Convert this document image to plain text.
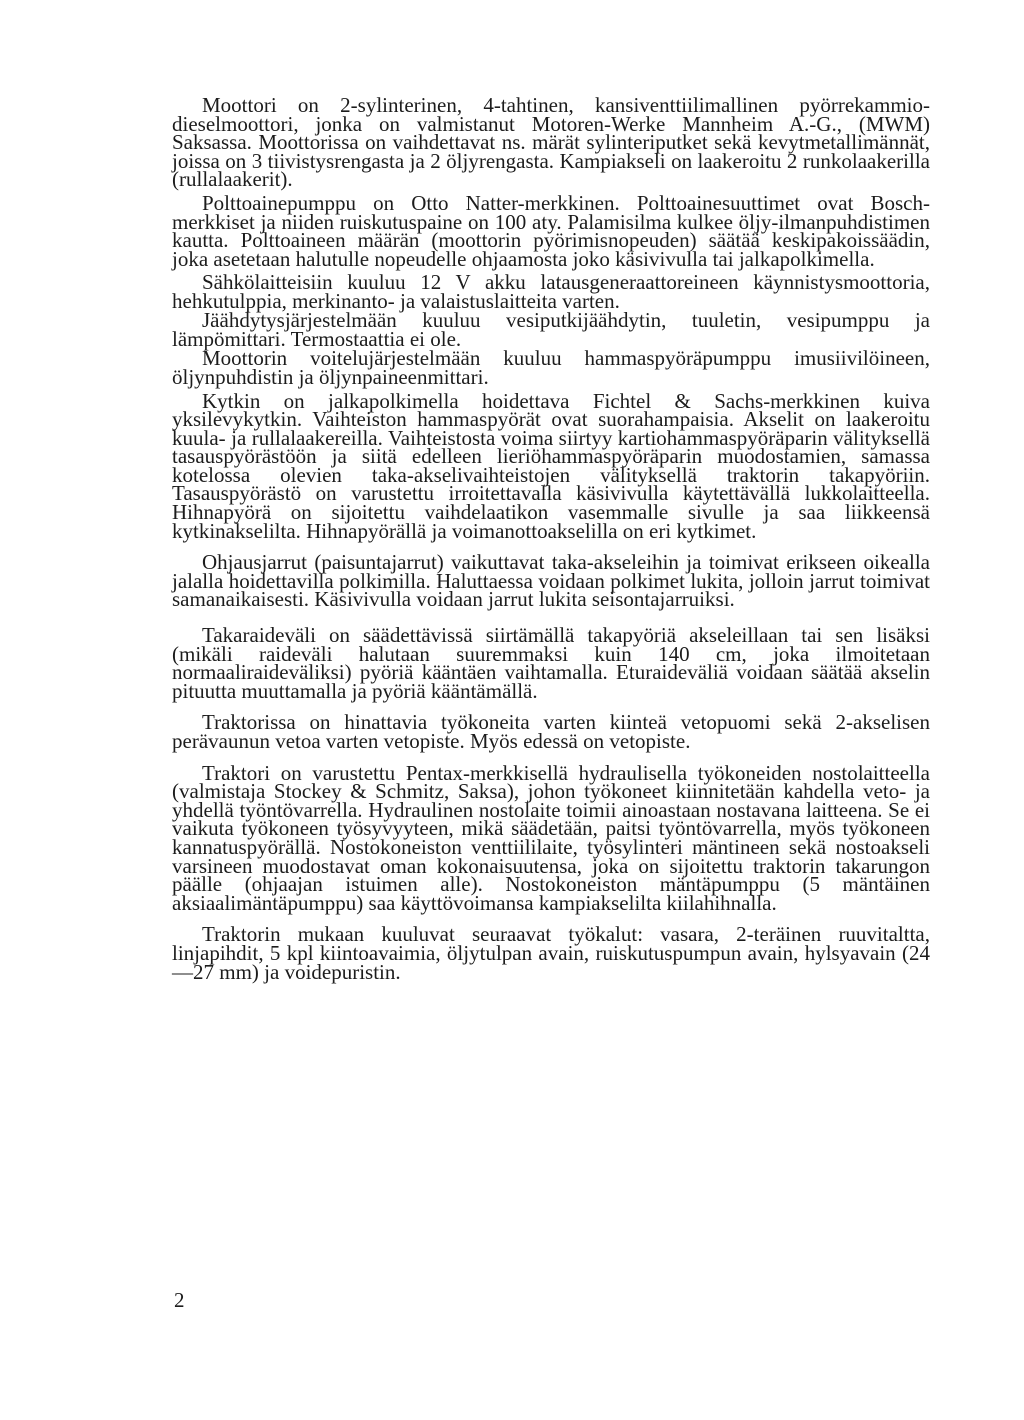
Moottori on 2-sylinterinen, 4-tahtinen, kansiventtiilimallinen pyörrekammio-dieselmoottori, jonka on valmistanut Motoren-Werke Mannheim A.-G., (MWM) Saksassa. Moottorissa on vaihdettavat ns. märät sylinteriputket sekä kevytmetallimännät, joissa on 3 tiivistysrengasta ja 2 öljyrengasta. Kampiakseli on laakeroitu 2 runkolaakerilla (rullalaakerit).

Polttoainepumppu on Otto Natter-merkkinen. Polttoainesuuttimet ovat Bosch-merkkiset ja niiden ruiskutuspaine on 100 aty. Palamisilma kulkee öljy-ilmanpuhdistimen kautta. Polttoaineen määrän (moottorin pyörimisnopeuden) säätää keskipakoissäädin, joka asetetaan halutulle nopeudelle ohjaamosta joko käsivivulla tai jalkapolkimella.

Sähkölaitteisiin kuuluu 12 V akku latausgeneraattoreineen käynnistysmoottoria, hehkutulppia, merkinanto- ja valaistuslaitteita varten.

Jäähdytysjärjestelmään kuuluu vesiputkijäähdytin, tuuletin, vesipumppu ja lämpömittari. Termostaattia ei ole.

Moottorin voitelujärjestelmään kuuluu hammaspyöräpumppu imusiivilöineen, öljynpuhdistin ja öljynpaineenmittari.

Kytkin on jalkapolkimella hoidettava Fichtel & Sachs-merkkinen kuiva yksilevykytkin. Vaihteiston hammaspyörät ovat suorahampaisia. Akselit on laakeroitu kuula- ja rullalaakereilla. Vaihteistosta voima siirtyy kartiohammaspyöräparin välityksellä tasauspyörästöön ja siitä edelleen lieriöhammaspyöräparin muodostamien, samassa kotelossa olevien taka-akselivaihteistojen välityksellä traktorin takapyöriin. Tasauspyörästö on varustettu irroitettavalla käsivivulla käytettävällä lukkolaitteella. Hihnapyörä on sijoitettu vaihdelaatikon vasemmalle sivulle ja saa liikkeensä kytkinakselilta. Hihnapyörällä ja voimanottoakselilla on eri kytkimet.

Ohjausjarrut (paisuntajarrut) vaikuttavat taka-akseleihin ja toimivat erikseen oikealla jalalla hoidettavilla polkimilla. Haluttaessa voidaan polkimet lukita, jolloin jarrut toimivat samanaikaisesti. Käsivivulla voidaan jarrut lukita seisontajarruiksi.

Takaraideväli on säädettävissä siirtämällä takapyöriä akseleillaan tai sen lisäksi (mikäli raideväli halutaan suuremmaksi kuin 140 cm, joka ilmoitetaan normaaliraideväliksi) pyöriä kääntäen vaihtamalla. Eturaideväliä voidaan säätää akselin pituutta muuttamalla ja pyöriä kääntämällä.

Traktorissa on hinattavia työkoneita varten kiinteä vetopuomi sekä 2-akselisen perävaunun vetoa varten vetopiste. Myös edessä on vetopiste.

Traktori on varustettu Pentax-merkkisellä hydraulisella työkoneiden nostolaitteella (valmistaja Stockey & Schmitz, Saksa), johon työkoneet kiinnitetään kahdella veto- ja yhdellä työntövarrella. Hydraulinen nostolaite toimii ainoastaan nostavana laitteena. Se ei vaikuta työkoneen työsyvyyteen, mikä säädetään, paitsi työntövarrella, myös työkoneen kannatuspyörällä. Nostokoneiston venttiililaite, työsylinteri mäntineen sekä nostoakseli varsineen muodostavat oman kokonaisuutensa, joka on sijoitettu traktorin takarungon päälle (ohjaajan istuimen alle). Nostokoneiston mäntäpumppu (5 mäntäinen aksiaalimäntäpumppu) saa käyttövoimansa kampiakselilta kiilahihnalla.

Traktorin mukaan kuuluvat seuraavat työkalut: vasara, 2-teräinen ruuvitaltta, linjapihdit, 5 kpl kiintoavaimia, öljytulpan avain, ruiskutuspumpun avain, hylsyavain (24—27 mm) ja voidepuristin.

2
